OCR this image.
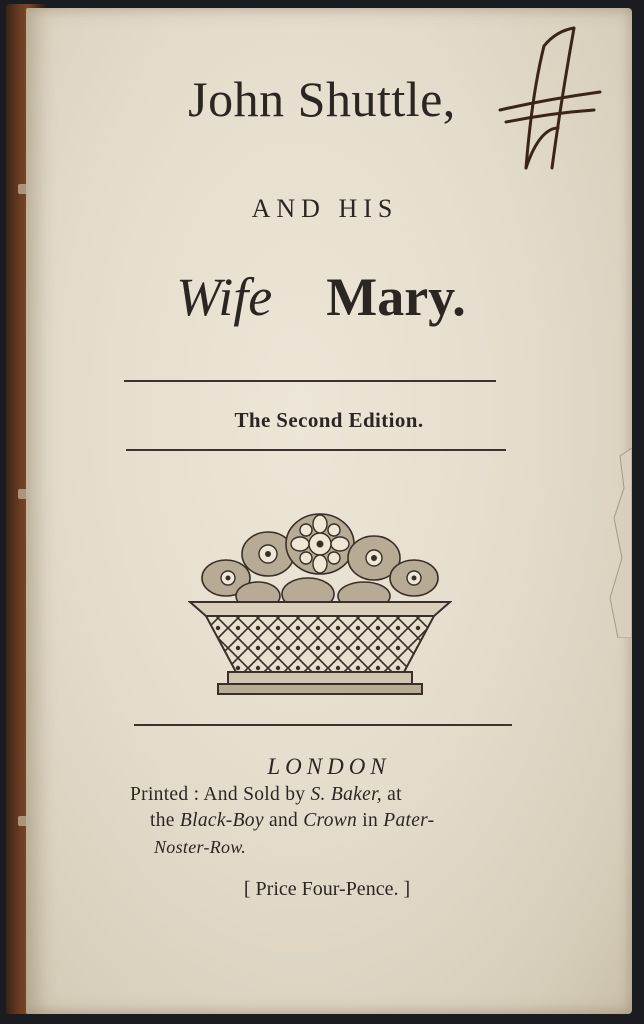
John Shuttle,
AND HIS
Wife Mary.
The Second Edition.
LONDON
Printed : And Sold by S. Baker, at
the Black-Boy and Crown in Pater-
Noster-Row.
[ Price Four-Pence. ]
